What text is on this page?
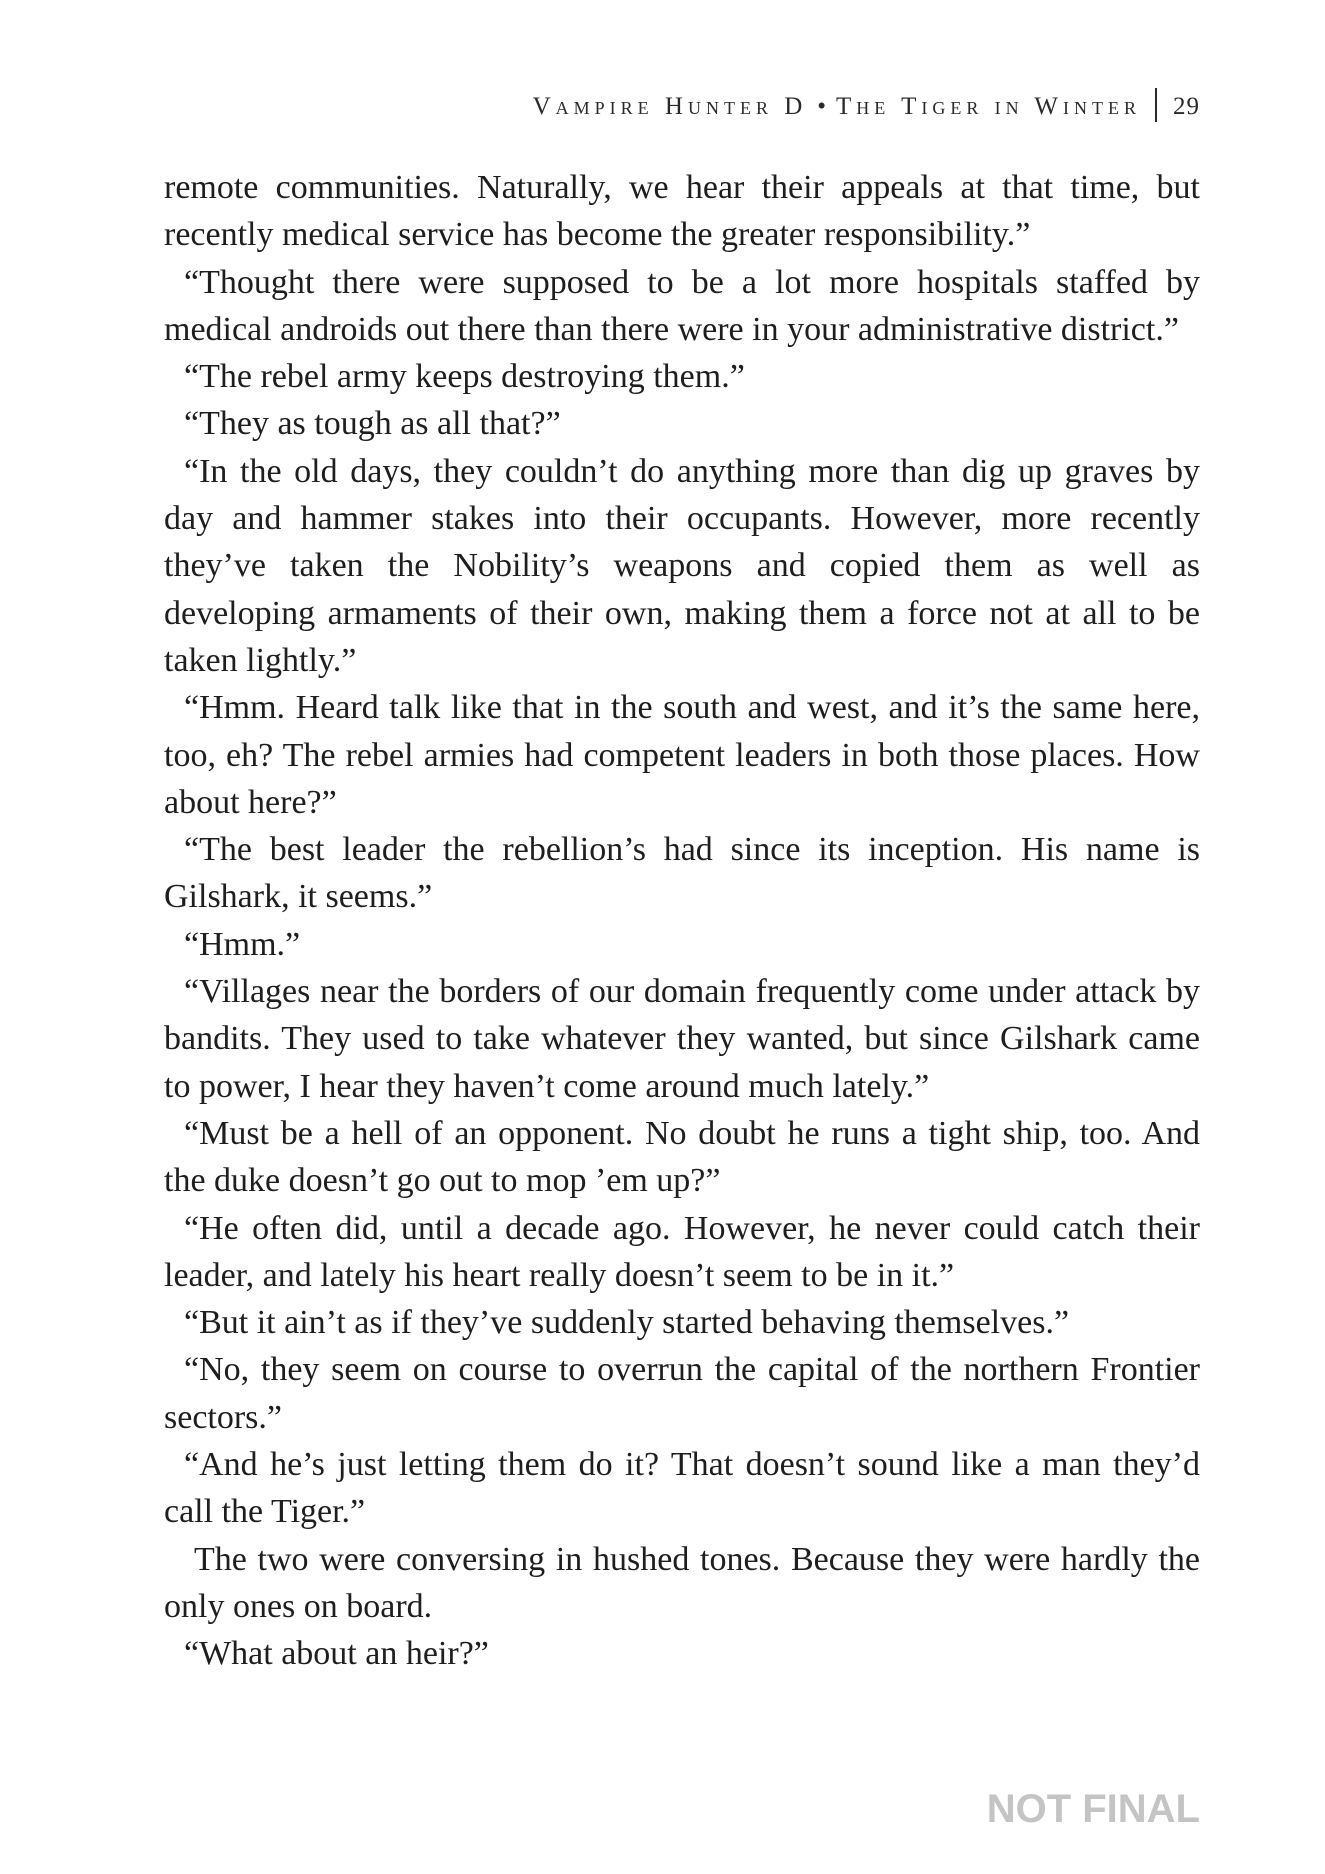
Vampire Hunter D • The Tiger in Winter 29

remote communities. Naturally, we hear their appeals at that time, but recently medical service has become the greater responsibility.”

“Thought there were supposed to be a lot more hospitals staffed by medical androids out there than there were in your administrative district.”

“The rebel army keeps destroying them.”

“They as tough as all that?”

“In the old days, they couldn’t do anything more than dig up graves by day and hammer stakes into their occupants. However, more recently they’ve taken the Nobility’s weapons and copied them as well as developing armaments of their own, making them a force not at all to be taken lightly.”

“Hmm. Heard talk like that in the south and west, and it’s the same here, too, eh? The rebel armies had competent leaders in both those places. How about here?”

“The best leader the rebellion’s had since its inception. His name is Gilshark, it seems.”

“Hmm.”

“Villages near the borders of our domain frequently come under attack by bandits. They used to take whatever they wanted, but since Gilshark came to power, I hear they haven’t come around much lately.”

“Must be a hell of an opponent. No doubt he runs a tight ship, too. And the duke doesn’t go out to mop ’em up?”

“He often did, until a decade ago. However, he never could catch their leader, and lately his heart really doesn’t seem to be in it.”

“But it ain’t as if they’ve suddenly started behaving themselves.”

“No, they seem on course to overrun the capital of the northern Frontier sectors.”

“And he’s just letting them do it? That doesn’t sound like a man they’d call the Tiger.”

The two were conversing in hushed tones. Because they were hardly the only ones on board.

“What about an heir?”

NOT FINAL
